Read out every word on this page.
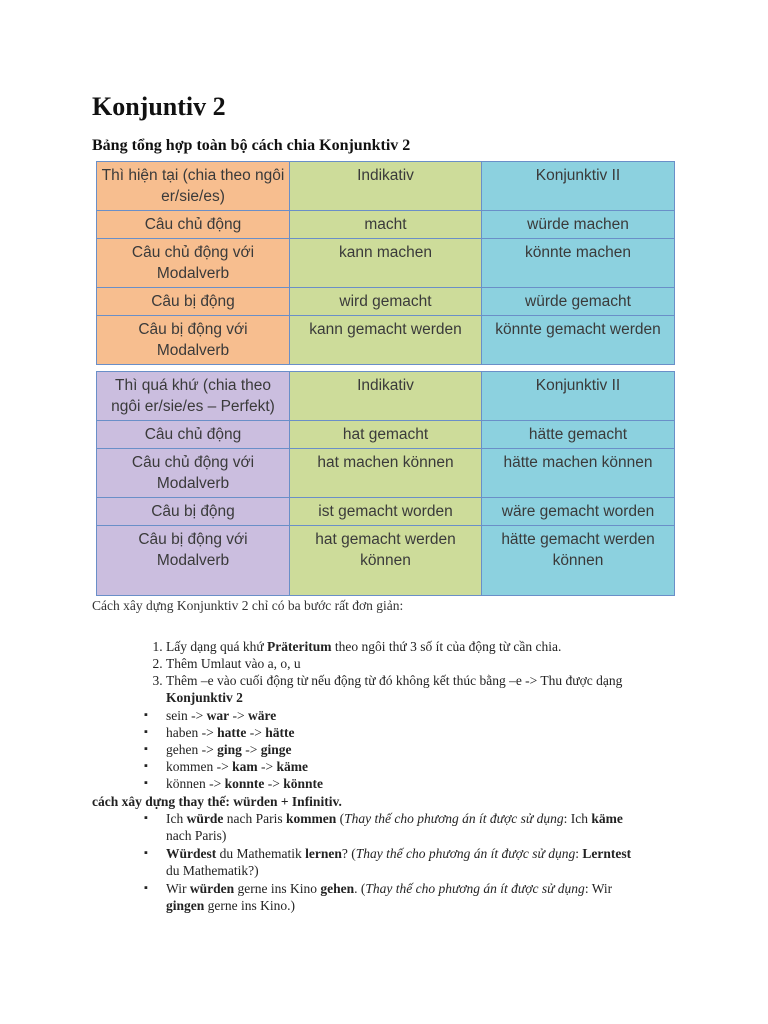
Konjuntiv 2
Bảng tổng hợp toàn bộ cách chia Konjunktiv 2
Thì hiện tại (chia theo ngôi er/sie/es)	Indikativ	Konjunktiv II
Câu chủ động	macht	würde machen
Câu chủ động với Modalverb	kann machen	könnte machen
Câu bị động	wird gemacht	würde gemacht
Câu bị động với Modalverb	kann gemacht werden	könnte gemacht werden
Thì quá khứ (chia theo ngôi er/sie/es – Perfekt)	Indikativ	Konjunktiv II
Câu chủ động	hat gemacht	hätte gemacht
Câu chủ động với Modalverb	hat machen können	hätte machen können
Câu bị động	ist gemacht worden	wäre gemacht worden
Câu bị động với Modalverb	hat gemacht werden können	hätte gemacht werden können

Cách xây dựng Konjunktiv 2 chỉ có ba bước rất đơn giản:

1. Lấy dạng quá khứ Präteritum theo ngôi thứ 3 số ít của động từ cần chia.
2. Thêm Umlaut vào a, o, u
3. Thêm –e vào cuối động từ nếu động từ đó không kết thúc bằng –e -> Thu được dạng Konjunktiv 2
▪ sein -> war -> wäre
▪ haben -> hatte -> hätte
▪ gehen -> ging -> ginge
▪ kommen -> kam -> käme
▪ können -> konnte -> könnte

cách xây dựng thay thế: würden + Infinitiv.

▪ Ich würde nach Paris kommen (Thay thế cho phương án ít được sử dụng: Ich käme nach Paris)
▪ Würdest du Mathematik lernen? (Thay thế cho phương án ít được sử dụng: Lerntest du Mathematik?)
▪ Wir würden gerne ins Kino gehen. (Thay thế cho phương án ít được sử dụng: Wir gingen gerne ins Kino.)
